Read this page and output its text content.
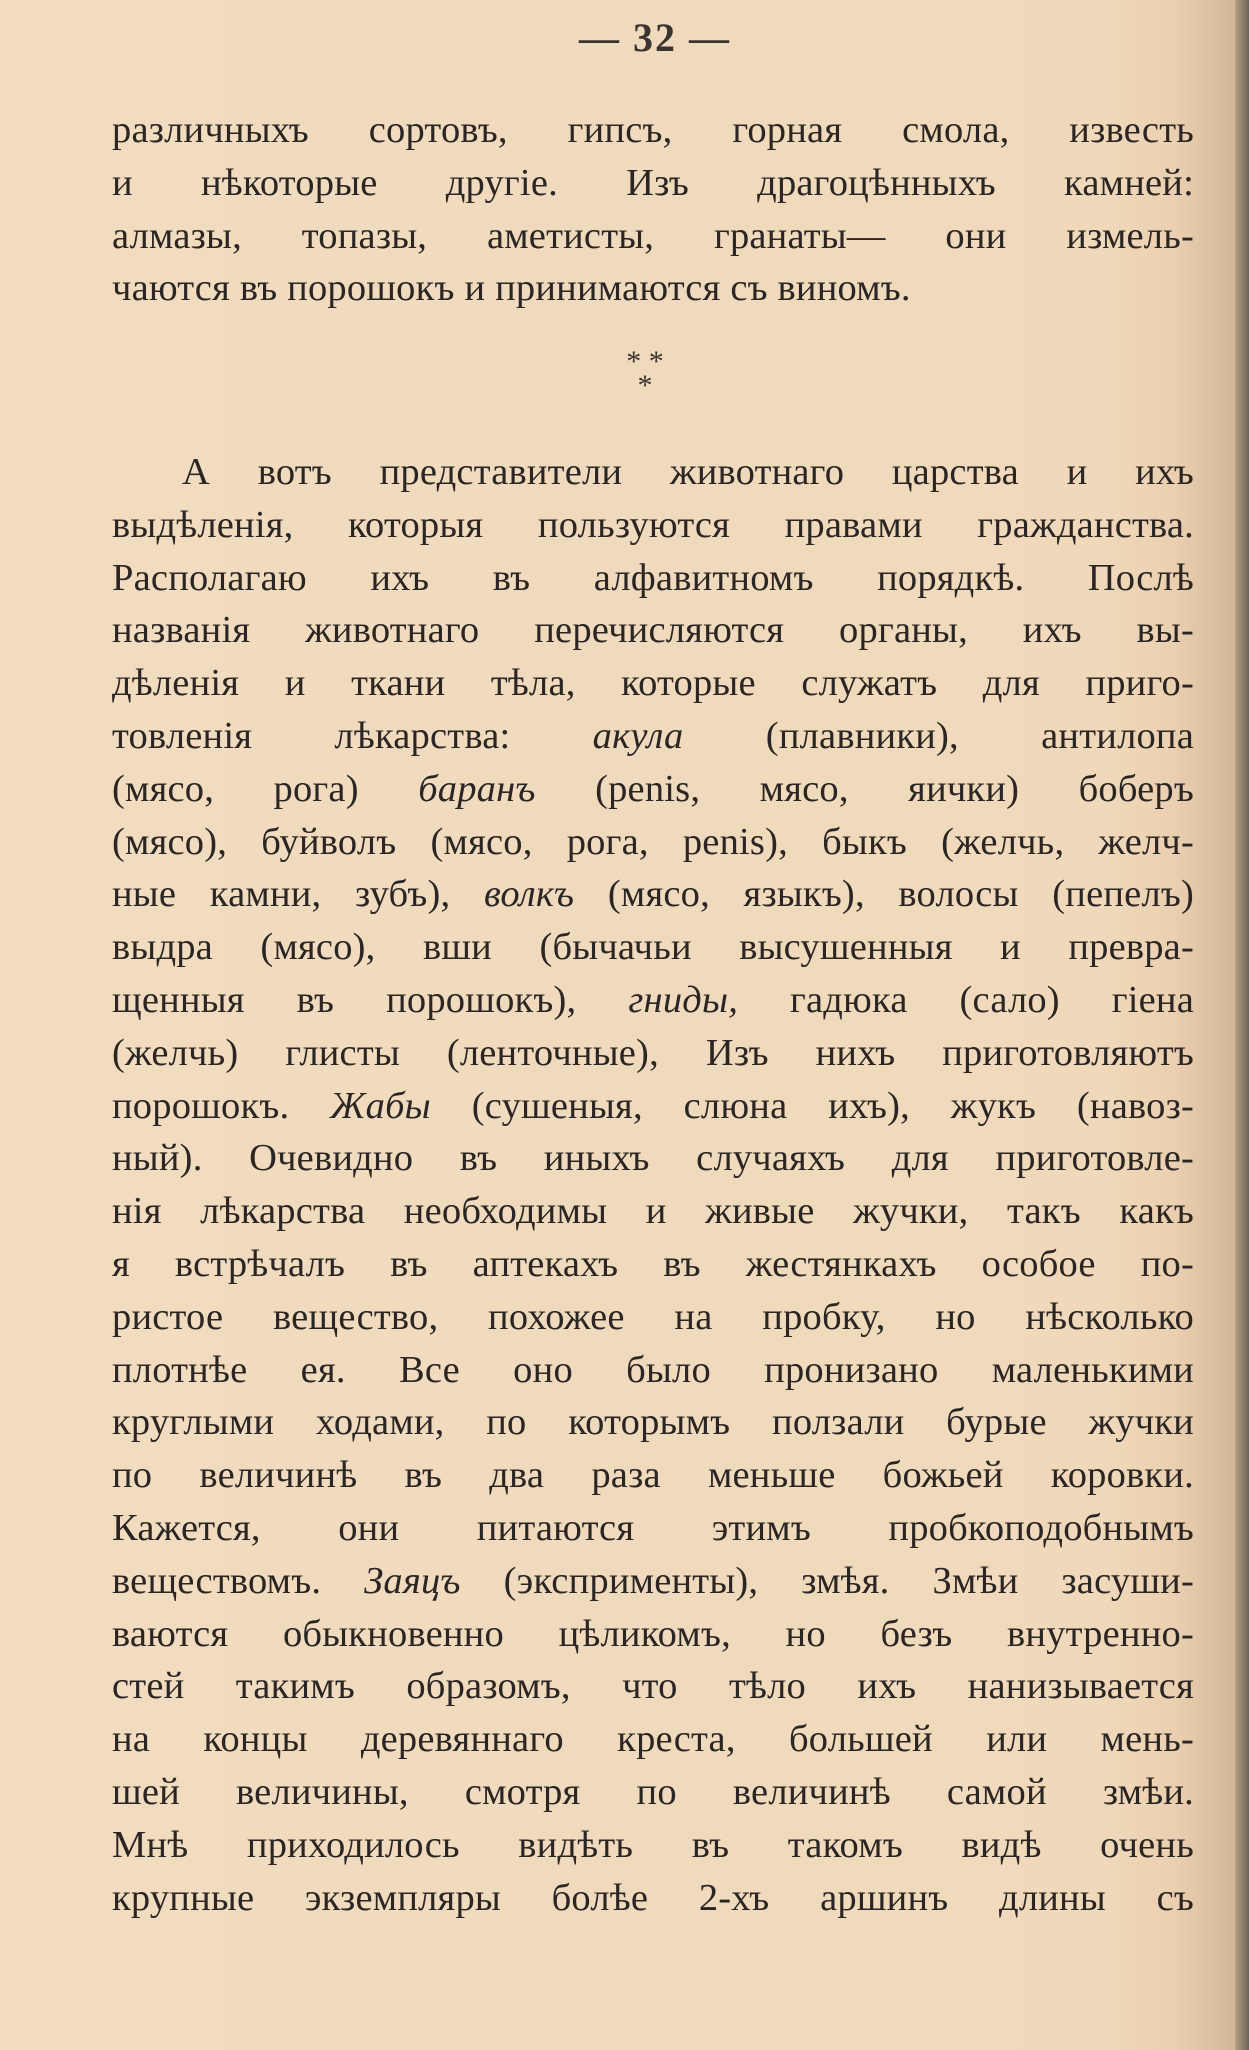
— 32 —
различныхъ сортовъ, гипсъ, горная смола, известь
и нѣкоторые другіе. Изъ драгоцѣнныхъ камней:
алмазы, топазы, аметисты, гранаты— они измель-
чаются въ порошокъ и принимаются съ виномъ.
* *
*
А вотъ представители животнаго царства и ихъ
выдѣленія, которыя пользуются правами гражданства.
Располагаю ихъ въ алфавитномъ порядкѣ. Послѣ
названія животнаго перечисляются органы, ихъ вы-
дѣленія и ткани тѣла, которые служатъ для приго-
товленія лѣкарства: акула (плавники), антилопа
(мясо, рога) баранъ (penis, мясо, яички) боберъ
(мясо), буйволъ (мясо, рога, penis), быкъ (желчь, желч-
ные камни, зубъ), волкъ (мясо, языкъ), волосы (пепелъ)
выдра (мясо), вши (бычачьи высушенныя и превра-
щенныя въ порошокъ), гниды, гадюка (сало) гіена
(желчь) глисты (ленточные), Изъ нихъ приготовляютъ
порошокъ. Жабы (сушеныя, слюна ихъ), жукъ (навоз-
ный). Очевидно въ иныхъ случаяхъ для приготовле-
нія лѣкарства необходимы и живые жучки, такъ какъ
я встрѣчалъ въ аптекахъ въ жестянкахъ особое по-
ристое вещество, похожее на пробку, но нѣсколько
плотнѣе ея. Все оно было пронизано маленькими
круглыми ходами, по которымъ ползали бурые жучки
по величинѣ въ два раза меньше божьей коровки.
Кажется, они питаются этимъ пробкоподобнымъ
веществомъ. Заяцъ (эксприменты), змѣя. Змѣи засуши-
ваются обыкновенно цѣликомъ, но безъ внутренно-
стей такимъ образомъ, что тѣло ихъ нанизывается
на концы деревяннаго креста, большей или мень-
шей величины, смотря по величинѣ самой змѣи.
Мнѣ приходилось видѣть въ такомъ видѣ очень
крупные экземпляры болѣе 2-хъ аршинъ длины съ
